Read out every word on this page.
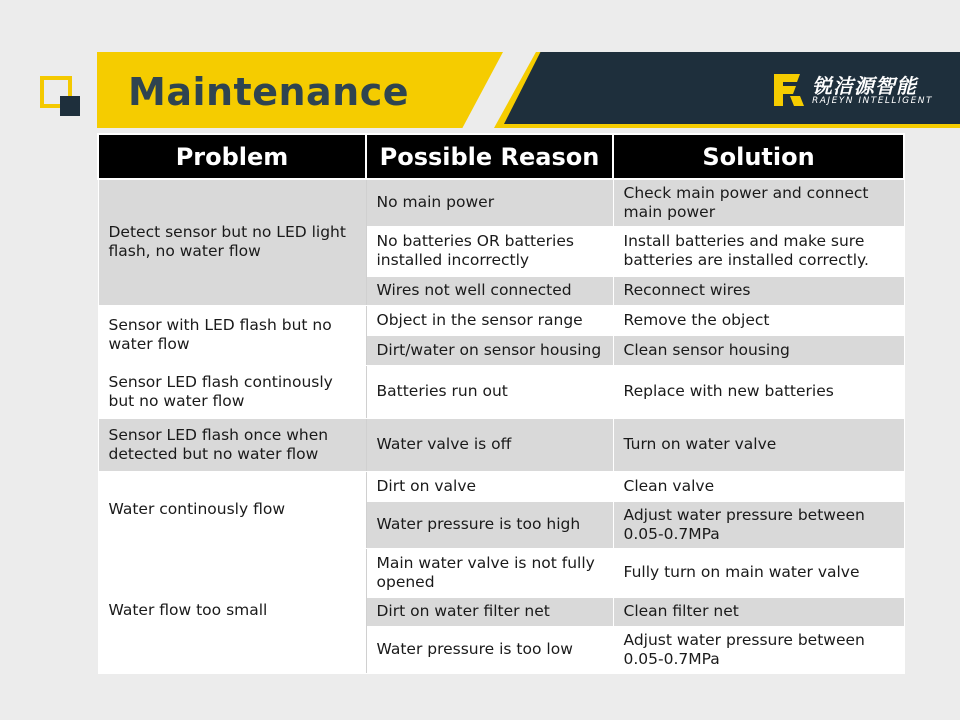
Maintenance	锐洁源智能
RAJEYN INTELLIGENT
Problem	Possible Reason	Solution
Detect sensor but no LED light flash, no water flow	No main power	Check main power and connect main power
	No batteries OR batteries installed incorrectly	Install batteries and make sure batteries are installed correctly.
	Wires not well connected	Reconnect wires
Sensor with LED flash but no water flow	Object in the sensor range	Remove the object
	Dirt/water on sensor housing	Clean sensor housing
Sensor LED flash continously but no water flow	Batteries run out	Replace with new batteries
Sensor LED flash once when detected but no water flow	Water valve is off	Turn on water valve
Water continously flow	Dirt on valve	Clean valve
	Water pressure is too high	Adjust water pressure between 0.05-0.7MPa
Water flow too small	Main water valve is not fully opened	Fully turn on main water valve
	Dirt on water filter net	Clean filter net
	Water pressure is too low	Adjust water pressure between 0.05-0.7MPa
